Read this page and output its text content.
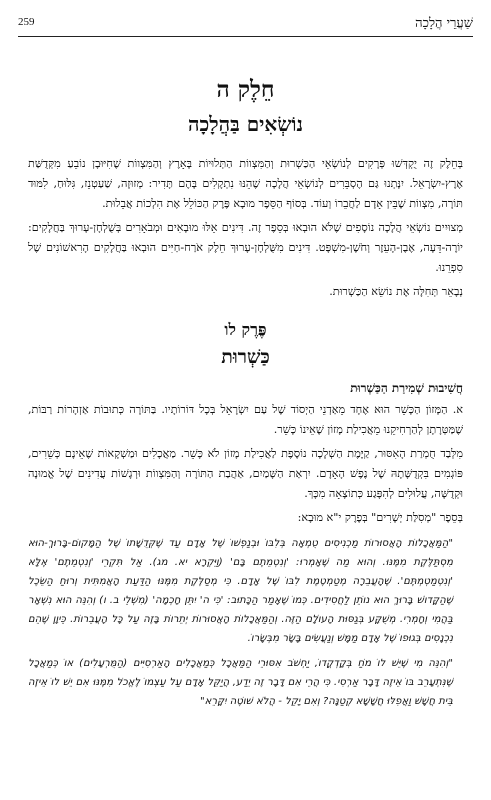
שַׁעֲרֵי הֲלָכָה
259
חֵלֶק ה
נוֹשְׂאִים בַּהֲלָכָה

בְּחֵלֶק זֶה יֻקְדְּשׁוּ פְּרָקִים לְנוֹשְׂאֵי הַכַּשְׁרוּת וְהַמִּצְווֹת הַתְּלוּיוֹת בָּאָרֶץ וְהַמִּצְווֹת שֶׁחִיּוּבָן נוֹבֵעַ מִקְּדֻשַּׁת אֶרֶץ-יִשְׂרָאֵל. יִנָּתְנוּ גַּם הֶסְבֵּרִים לְנוֹשְׂאֵי הֲלָכָה שֶׁהֵנּוּ נִתְקָלִים בָּהֶם תָּדִיר: מְזוּזָה, שַׁעַטְנֵז, גִּלּוּחַ, לִמּוּד תּוֹרָה, מִצְווֹת שֶׁבֵּין אָדָם לַחֲבֵרוֹ וְעוֹד. בְּסוֹף הַסֵּפֶר מוּבָא פֶּרֶק הַכּוֹלֵל אֶת הִלְכוֹת אֲבֵלוּת.

מְצוּיִים נוֹשְׂאֵי הֲלָכָה נוֹסָפִים שֶׁלֹּא הוּבְאוּ בְּסֵפֶר זֶה. דִּינִים אֵלּוּ מוּבָאִים וּמְבֹאָרִים בְּשֻׁלְחָן-עָרוּךְ בַּחֲלָקִים: יוֹרֶה-דֵּעָה, אֶבֶן-הָעֵזֶר וְחֹשֶׁן-מִשְׁפָּט. דִּינִים מִשֻּׁלְחָן-עָרוּךְ חֵלֶק אֹרַח-חַיִּים הוּבְאוּ בַּחֲלָקִים הָרִאשׁוֹנִים שֶׁל סִפְרֵנוּ.

נְבָאֵר תְּחִלָּה אֶת נוֹשֵׂא הַכַּשְׁרוּת.

פֶּרֶק לו
כַּשְׁרוּת
חֲשִׁיבוּת שְׁמִירַת הַכַּשְׁרוּת

א. הַמָּזוֹן הַכָּשֵׁר הוּא אֶחָד מֵאַדְנֵי הַיְסוֹד שֶׁל עַם יִשְׂרָאֵל בְּכָל דּוֹרוֹתָיו. בַּתּוֹרָה כְּתוּבוֹת אַזְהָרוֹת רַבּוֹת, שֶׁמַּטְּרָתָן לְהַרְחִיקֵנוּ מֵאֲכִילַת מָזוֹן שֶׁאֵינוֹ כָּשֵׁר.

מִלְּבַד חֻמְרַת הָאִסּוּר, קַיֶּמֶת הַשְׁלָכָה נוֹסֶפֶת לַאֲכִילַת מָזוֹן לֹא כָּשֵׁר. מַאֲכָלִים וּמַשְׁקָאוֹת שֶׁאֵינָם כְּשֵׁרִים, פּוֹגְמִים בִּקְדֻשָּׁתָהּ שֶׁל נֶפֶשׁ הָאָדָם. יִרְאַת הַשָּׁמַיִם, אַהֲבַת הַתּוֹרָה וְהַמִּצְווֹת וּרְגָשׁוֹת עֲדִינִים שֶׁל אֱמוּנָה וּקְדֻשָּׁה, עֲלוּלִים לְהִפָּגַע כְּתוֹצָאָה מִכָּךְ.

בְּסֵפֶר "מְסִלַּת יְשָׁרִים" בְּפֶרֶק י"א מוּבָא:

"הַמַּאֲכָלוֹת הָאֲסוּרוֹת מַכְנִיסִים טֻמְאָה בְּלִבּוֹ וּבְנַפְשׁוֹ שֶׁל אָדָם עַד שֶׁקְּדֻשָּׁתוֹ שֶׁל הַמָּקוֹם-בָּרוּךְ-הוּא מִסְתַּלֶּקֶת מִמֶּנּוּ. וְהוּא מַה שֶּׁאָמְרוּ: 'וְנִטְמֵתֶם בָּם' (וַיִּקְרָא יא. מג). אַל תִּקְרֵי 'וְנִטְמֵתֶם' אֶלָּא 'וְנִטְמַטְמְתֶּם'. שֶׁהָעֲבֵרָה מְטַמְטֶמֶת לִבּוֹ שֶׁל אָדָם. כִּי מְסַלֶּקֶת מִמֶּנּוּ הַדַּעַת הָאֲמִתִּית וְרוּחַ הַשֵּׂכֶל שֶׁהַקָּדוֹשׁ בָּרוּךְ הוּא נוֹתֵן לַחֲסִידִים. כְּמוֹ שֶׁאָמַר הַכָּתוּב: 'כִּי ה' יִתֵּן חָכְמָה' (מִשְׁלֵי ב. ו) וְהִנֵּה הוּא נִשְׁאָר בַּהֲמִי וְחָמְרִי. מְשֻׁקָּע בְּגַסּוּת הָעוֹלָם הַזֶּה. וְהַמַּאֲכָלוֹת הָאֲסוּרוֹת יְתֵרוֹת בָּזֶה עַל כָּל הָעֲבֵרוֹת. כֵּיוָן שֶׁהֵם נִכְנָסִים בְּגוּפוֹ שֶׁל אָדָם מַמָּשׁ וְנַעֲשִׂים בָּשָׂר מִבְּשָׂרוֹ.

"וְהִנֵּה מִי שֶׁיֵּשׁ לוֹ מֹחַ בְּקָדְקֳדוֹ, יַחְשֹׁב אִסּוּרֵי הַמַּאֲכָל כְּמַאֲכָלִים הָאַרְסִיִּים (הַמֻּרְעָלִים) אוֹ כְּמַאֲכָל שֶׁנִּתְעָרֵב בּוֹ אֵיזֶה דָּבָר אַרְסִי. כִּי הֲרֵי אִם דָּבָר זֶה יֵדַע, הֲיַקֵּל אָדָם עַל עַצְמוֹ לֶאֱכֹל מִמֶּנּוּ אִם יֵשׁ לוֹ אֵיזֶה בֵּית חֲשָׁשׁ וַאֲפִלּוּ חֲשָׁשָׁא קְטַנָּה? וְאִם יָקֵל - הֲלֹא שׁוֹטֶה יִקָּרֵא"
